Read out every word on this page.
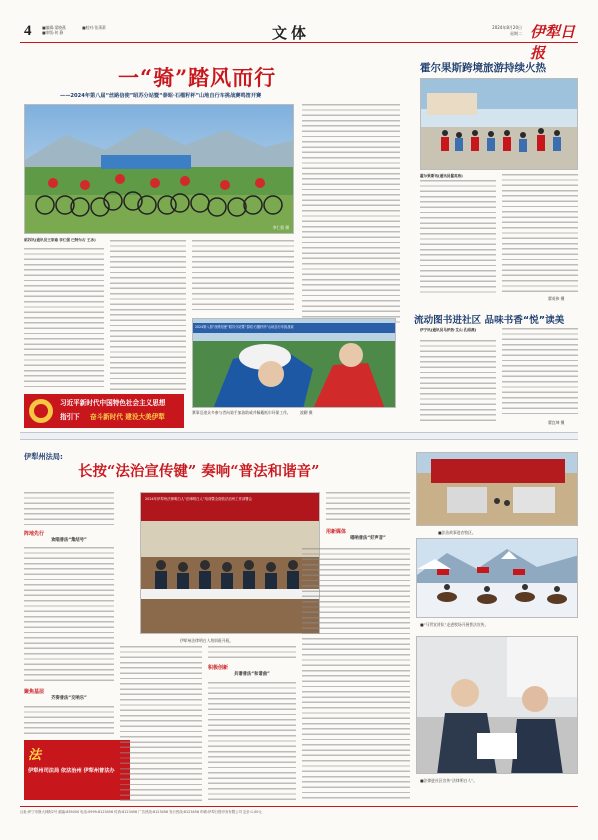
4	■编辑:梁晓燕
■审版:何 静
■校对:张萧萧	文体	2024年8月20日
星期二 伊犁日报
一“骑”踏风而行
——2024年第八届“丝路信使”昭苏分站暨“泰昭·石榴籽杯”山地自行车挑战赛鸣笛开赛
李仁强 摄
昭苏讯(通讯员王家瑜 李仁强 巴特尔古 王冰)
2024第八届“丝路信使”昭苏分站暨“泰昭·石榴籽杯”山地自行车挑战赛
赛事沿途众多参与者向骑手加油助威并佩戴纸巾环保工作。 波聊 摄
习近平新时代中国特色社会主义思想
指引下 奋斗新时代 建设大美伊犁
霍尔果斯跨境旅游持续火热
霍尔果斯讯(通讯员翟英伟)
翟英伟 摄
流动图书进社区 品味书香“悦”读美
伊宁讯(通讯员马伊热·艾山 孔昭燕)
翟宜坤 摄
伊犁州法局:
长按“法治宣传键” 奏响“普法和谐音”
阵地先行
欢唱普法“集结号”
聚焦基层
齐奏普法“交响乐”
法
伊犁州司法局 依法治州 伊犁州普法办
2024年伊犁州法律明白人“法律明白人”培训暨全面依法治州工作部署会
伊犁州法律明白人培训班开班。
积极创新
共谱普法“和谐曲”
用新媒体
唱响普法“好声音”
■法治故事进农牧区。
■“马背宣讲队”走进牧场开展普法宣传。
■法律进社区宣传“法律明白人”。
社址:伊宁市斯大林街2号 邮编:835000 电话:0999-8123456 传真:8123456 广告热线:8123456 发行热线:8123456 印刷:伊犁日报印务有限公司 定价:1.00元
